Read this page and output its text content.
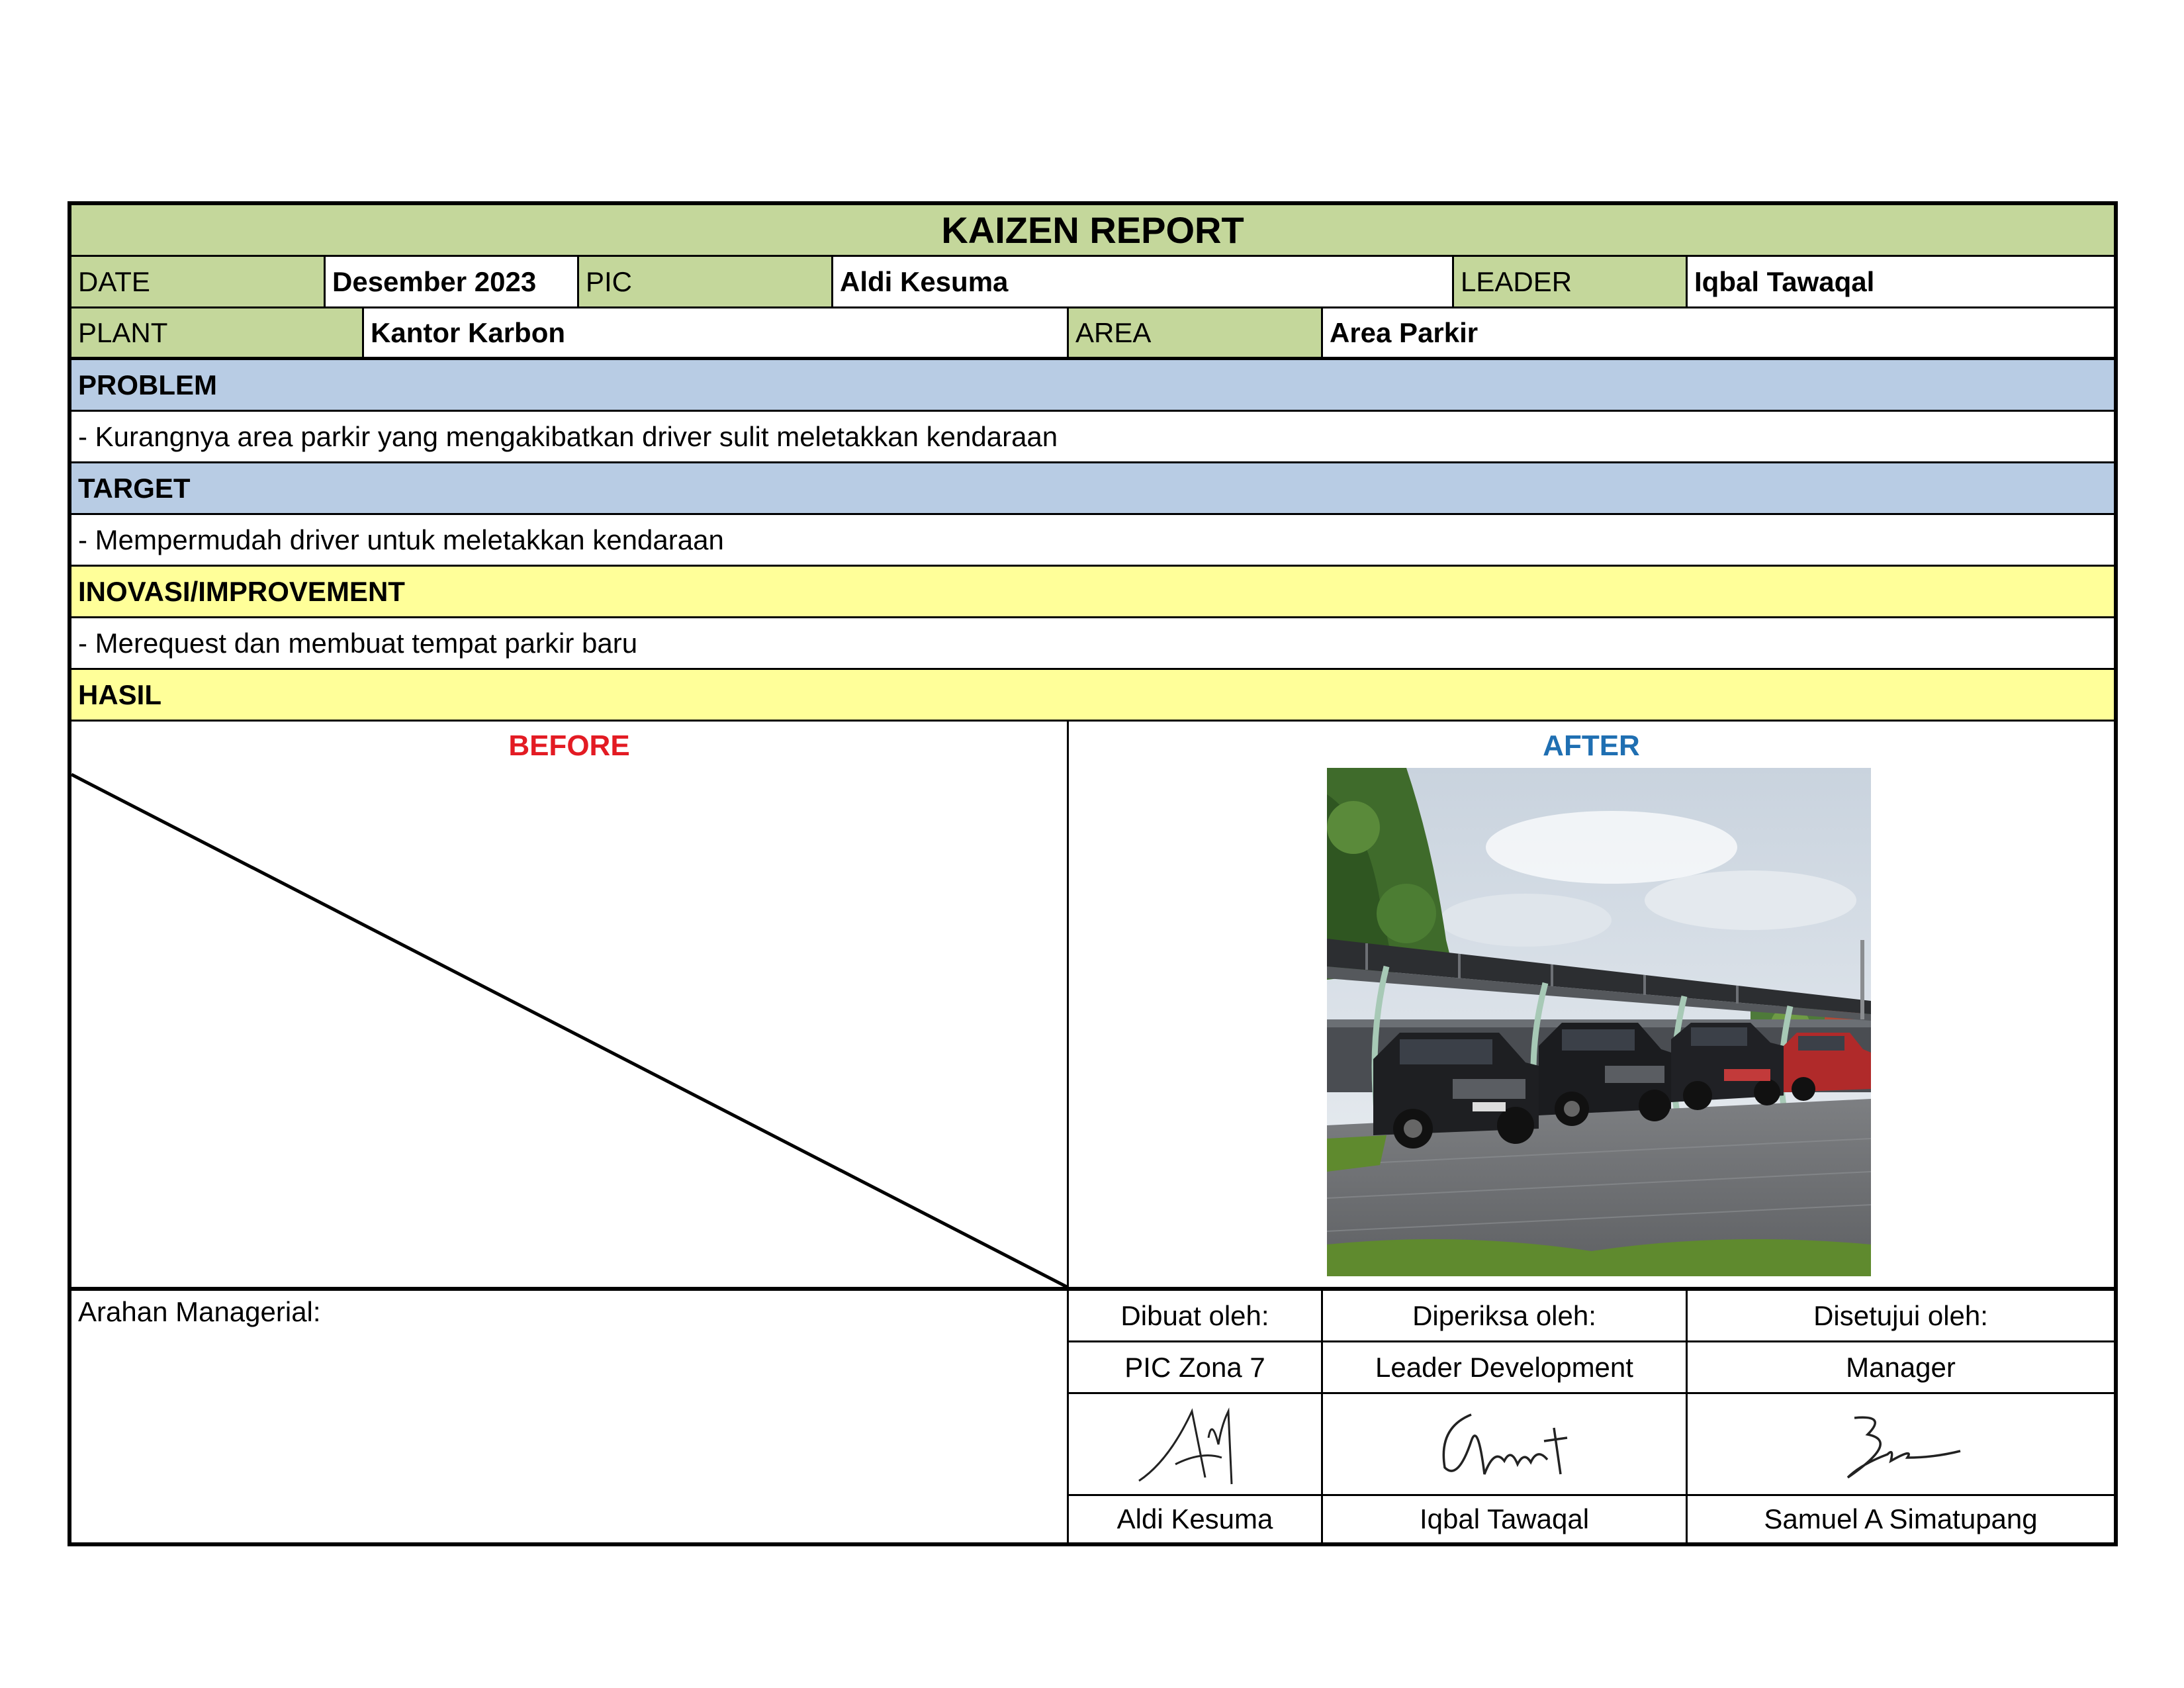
KAIZEN REPORT
DATE	Desember 2023	PIC	Aldi Kesuma	LEADER	Iqbal Tawaqal
PLANT	Kantor Karbon	AREA	Area Parkir
PROBLEM
- Kurangnya area parkir yang mengakibatkan driver sulit meletakkan kendaraan
TARGET
- Mempermudah driver untuk meletakkan kendaraan
INOVASI/IMPROVEMENT
- Merequest dan membuat tempat parkir baru
HASIL
BEFORE	AFTER
Arahan Managerial:	Dibuat oleh:	Diperiksa oleh:	Disetujui oleh:
PIC Zona 7	Leader Development	Manager
Aldi Kesuma	Iqbal Tawaqal	Samuel A Simatupang
